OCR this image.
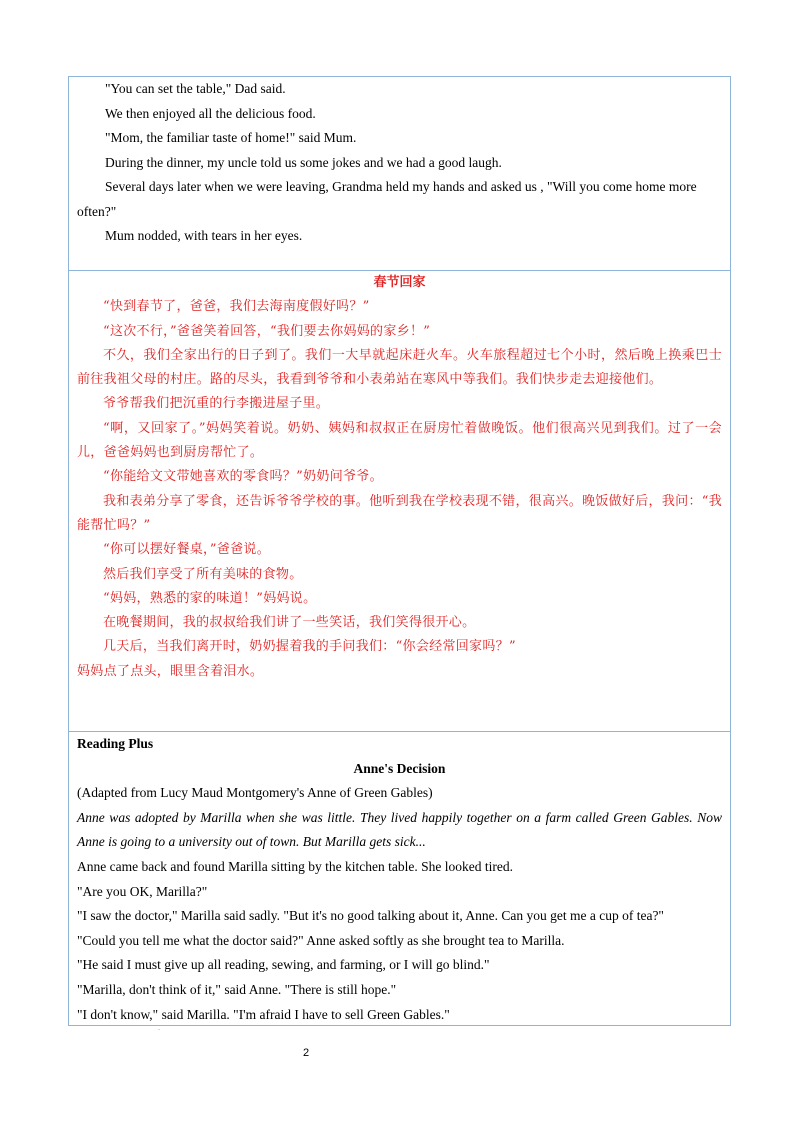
"You can set the table," Dad said.

We then enjoyed all the delicious food.

"Mom, the familiar taste of home!" said Mum.

During the dinner, my uncle told us some jokes and we had a good laugh.

Several days later when we were leaving, Grandma held my hands and asked us , "Will you come home more often?"

Mum nodded, with tears in her eyes.

春节回家

“快到春节了，爸爸，我们去海南度假好吗？”

“这次不行，”爸爸笑着回答，“我们要去你妈妈的家乡！”

不久，我们全家出行的日子到了。我们一大早就起床赶火车。火车旅程超过七个小时，然后晚上换乘巴士前往我祖父母的村庄。路的尽头，我看到爷爷和小表弟站在寒风中等我们。我们快步走去迎接他们。

爷爷帮我们把沉重的行李搬进屋子里。

“啊，又回家了。”妈妈笑着说。奶奶、姨妈和叔叔正在厨房忙着做晚饭。他们很高兴见到我们。过了一会儿，爸爸妈妈也到厨房帮忙了。

“你能给文文带她喜欢的零食吗？”奶奶问爷爷。

我和表弟分享了零食，还告诉爷爷学校的事。他听到我在学校表现不错，很高兴。晚饭做好后，我问：“我能帮忙吗？”

“你可以摆好餐桌，”爸爸说。

然后我们享受了所有美味的食物。

“妈妈，熟悉的家的味道！”妈妈说。

在晚餐期间，我的叔叔给我们讲了一些笑话，我们笑得很开心。

几天后，当我们离开时，奶奶握着我的手问我们：“你会经常回家吗？”

妈妈点了点头，眼里含着泪水。

Reading Plus

Anne's Decision

(Adapted from Lucy Maud Montgomery's Anne of Green Gables)

Anne was adopted by Marilla when she was little. They lived happily together on a farm called Green Gables. Now Anne is going to a university out of town. But Marilla gets sick...

Anne came back and found Marilla sitting by the kitchen table. She looked tired.

"Are you OK, Marilla?"

"I saw the doctor," Marilla said sadly. "But it's no good talking about it, Anne. Can you get me a cup of tea?"

"Could you tell me what the doctor said?" Anne asked softly as she brought tea to Marilla.

"He said I must give up all reading, sewing, and farming, or I will go blind."

"Marilla, don't think of it," said Anne. "There is still hope."

"I don't know," said Marilla. "I'm afraid I have to sell Green Gables."

.
2
